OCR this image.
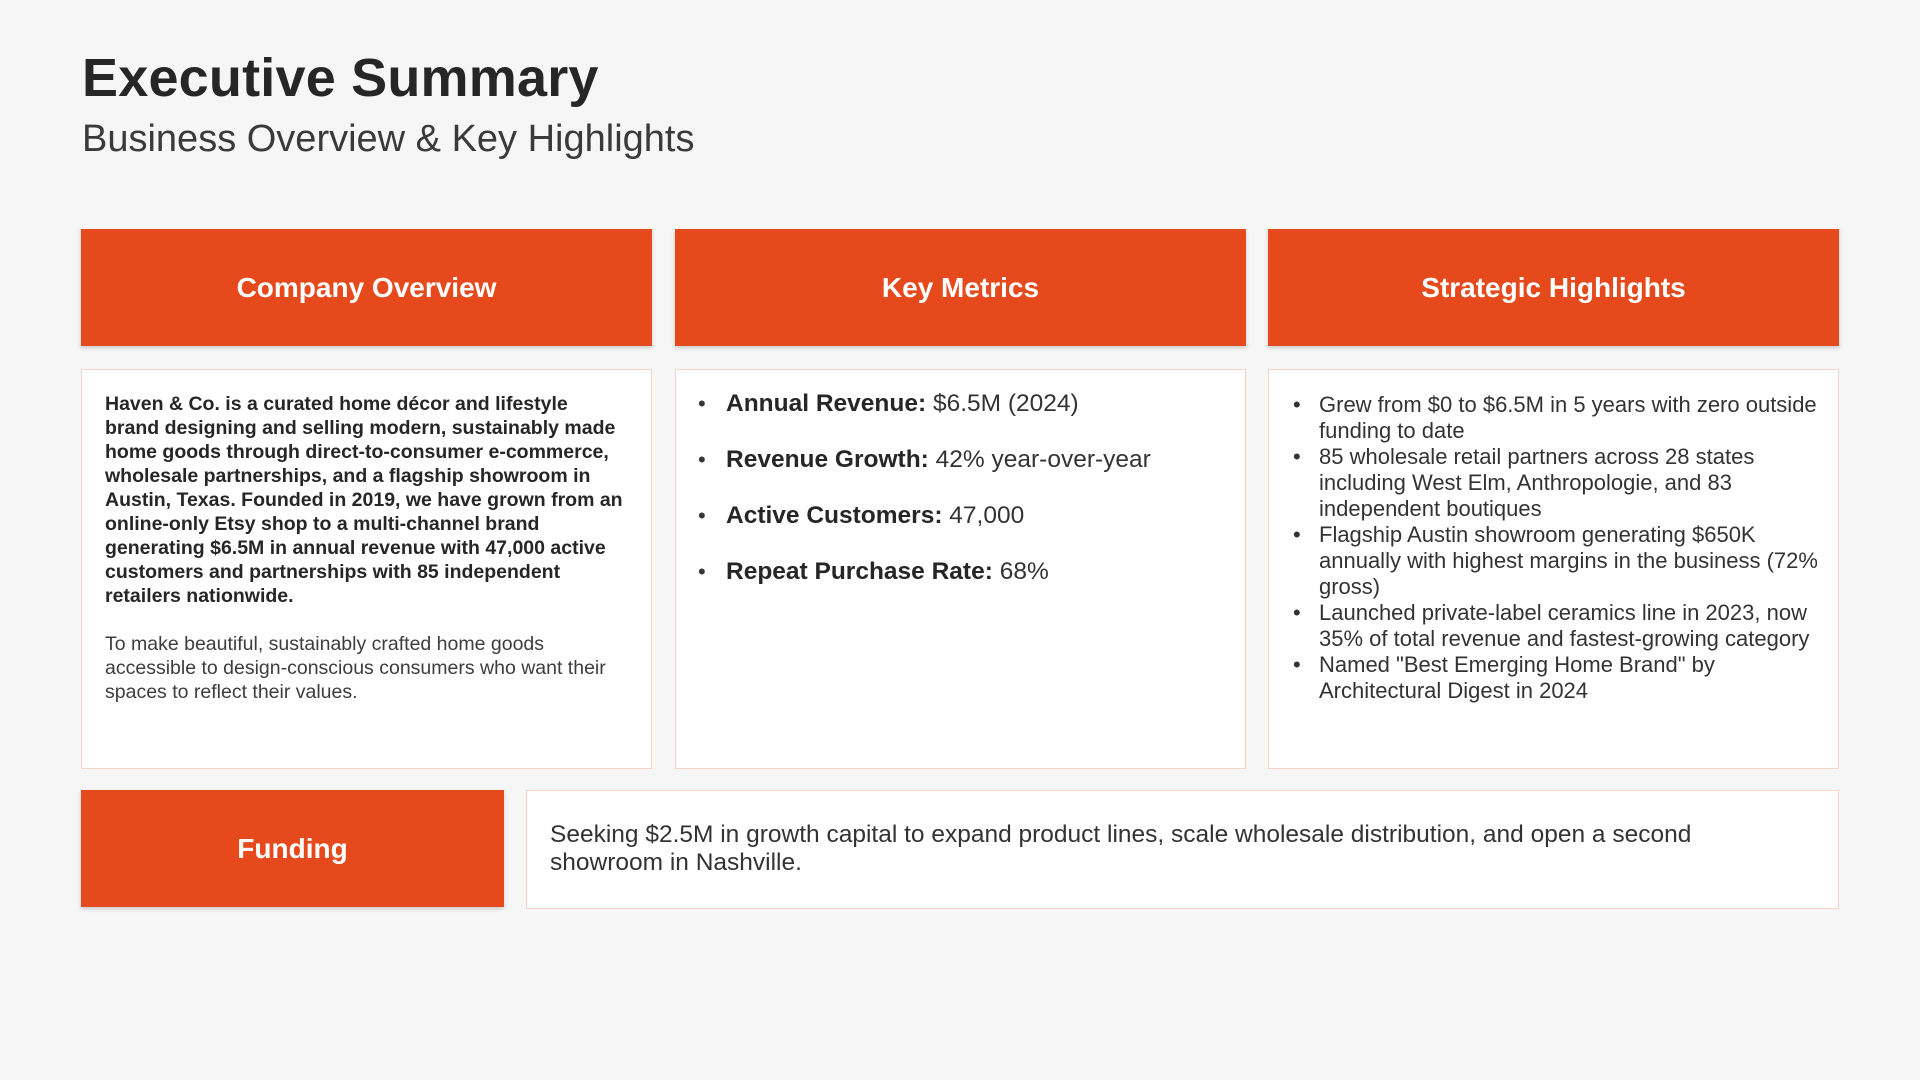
Executive Summary
Business Overview & Key Highlights
Company Overview

Haven & Co. is a curated home décor and lifestyle brand designing and selling modern, sustainably made home goods through direct-to-consumer e-commerce, wholesale partnerships, and a flagship showroom in Austin, Texas. Founded in 2019, we have grown from an online-only Etsy shop to a multi-channel brand generating $6.5M in annual revenue with 47,000 active customers and partnerships with 85 independent retailers nationwide.

To make beautiful, sustainably crafted home goods accessible to design-conscious consumers who want their spaces to reflect their values.

Key Metrics
• Annual Revenue: $6.5M (2024)
• Revenue Growth: 42% year-over-year
• Active Customers: 47,000
• Repeat Purchase Rate: 68%
Strategic Highlights
• Grew from $0 to $6.5M in 5 years with zero outside funding to date
• 85 wholesale retail partners across 28 states including West Elm, Anthropologie, and 83 independent boutiques
• Flagship Austin showroom generating $650K annually with highest margins in the business (72% gross)
• Launched private-label ceramics line in 2023, now 35% of total revenue and fastest-growing category
• Named "Best Emerging Home Brand" by Architectural Digest in 2024
Funding	Seeking $2.5M in growth capital to expand product lines, scale wholesale distribution, and open a second showroom in Nashville.
